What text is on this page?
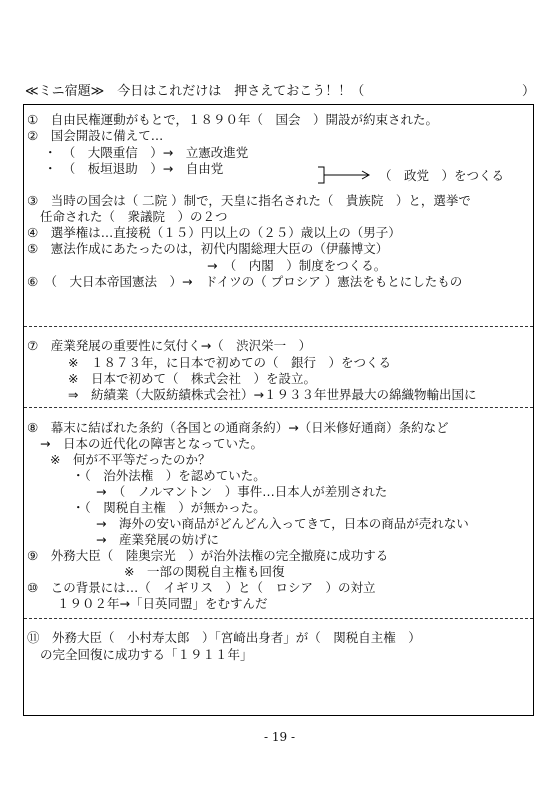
≪ミニ宿題≫　今日はこれだけは　押さえておこう！！（	）
①　自由民権運動がもとで，１８９０年（　国会　）開設が約束された。
②　国会開設に備えて…
・　（　大隈重信　）→　立憲改進党
・　（　板垣退助　）→　自由党	（　政党　）をつくる
③　当時の国会は（ 二院 ）制で，天皇に指名された（　貴族院　）と，選挙で
任命された（　衆議院　）の２つ
④　選挙権は…直接税（１５）円以上の（２５）歳以上の（男子）
⑤　憲法作成にあたったのは，初代内閣総理大臣の（伊藤博文）
→　（　内閣　）制度をつくる。
⑥　（　大日本帝国憲法　）→　ドイツの（ プロシア ）憲法をもとにしたもの
⑦　産業発展の重要性に気付く→（　渋沢栄一　）
※　１８７３年，に日本で初めての（　銀行　）をつくる
※　日本で初めて（　株式会社　）を設立。
⇒　紡績業（大阪紡績株式会社）→１９３３年世界最大の綿織物輸出国に
⑧　幕末に結ばれた条約（各国との通商条約）→（日米修好通商）条約など
→　日本の近代化の障害となっていた。
※　何が不平等だったのか？
・（　治外法権　）を認めていた。
→　（　ノルマントン　）事件…日本人が差別された
・（　関税自主権　）が無かった。
→　海外の安い商品がどんどん入ってきて，日本の商品が売れない
→　産業発展の妨げに
⑨　外務大臣（　陸奥宗光　）が治外法権の完全撤廃に成功する
※　一部の関税自主権も回復
⑩　この背景には…（　イギリス　）と（　ロシア　）の対立
１９０２年→「日英同盟」をむすんだ
⑪　外務大臣（　小村寿太郎　）「宮崎出身者」が（　関税自主権　）
の完全回復に成功する「１９１１年」
- 19 -
